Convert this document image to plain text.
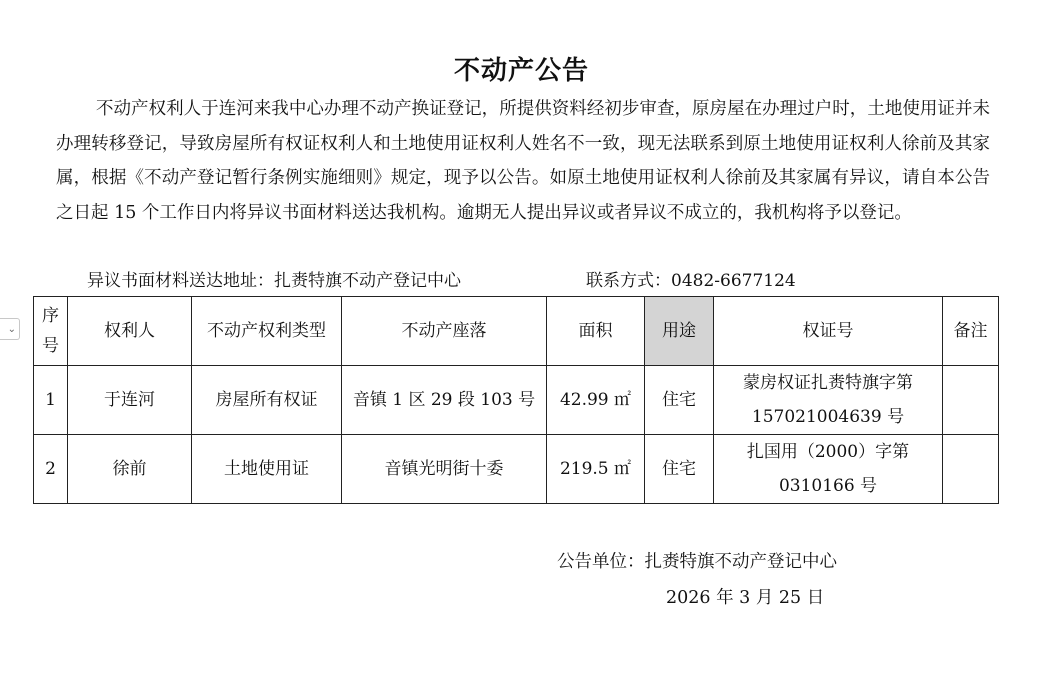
不动产公告
不动产权利人于连河来我中心办理不动产换证登记，所提供资料经初步审查，原房屋在办理过户时，土地使用证并未办理转移登记，导致房屋所有权证权利人和土地使用证权利人姓名不一致，现无法联系到原土地使用证权利人徐前及其家属，根据《不动产登记暂行条例实施细则》规定，现予以公告。如原土地使用证权利人徐前及其家属有异议，请自本公告之日起 15 个工作日内将异议书面材料送达我机构。逾期无人提出异议或者异议不成立的，我机构将予以登记。
异议书面材料送达地址：扎赉特旗不动产登记中心	联系方式：0482-6677124
⌄
序号	权利人	不动产权利类型	不动产座落	面积	用途	权证号	备注
1	于连河	房屋所有权证	音镇 1 区 29 段 103 号	42.99 ㎡	住宅	蒙房权证扎赉特旗字第
157021004639 号	

2	徐前	土地使用证	音镇光明街十委	219.5 ㎡	住宅	扎国用（2000）字第
0310166 号	

公告单位：扎赉特旗不动产登记中心
2026 年 3 月 25 日
